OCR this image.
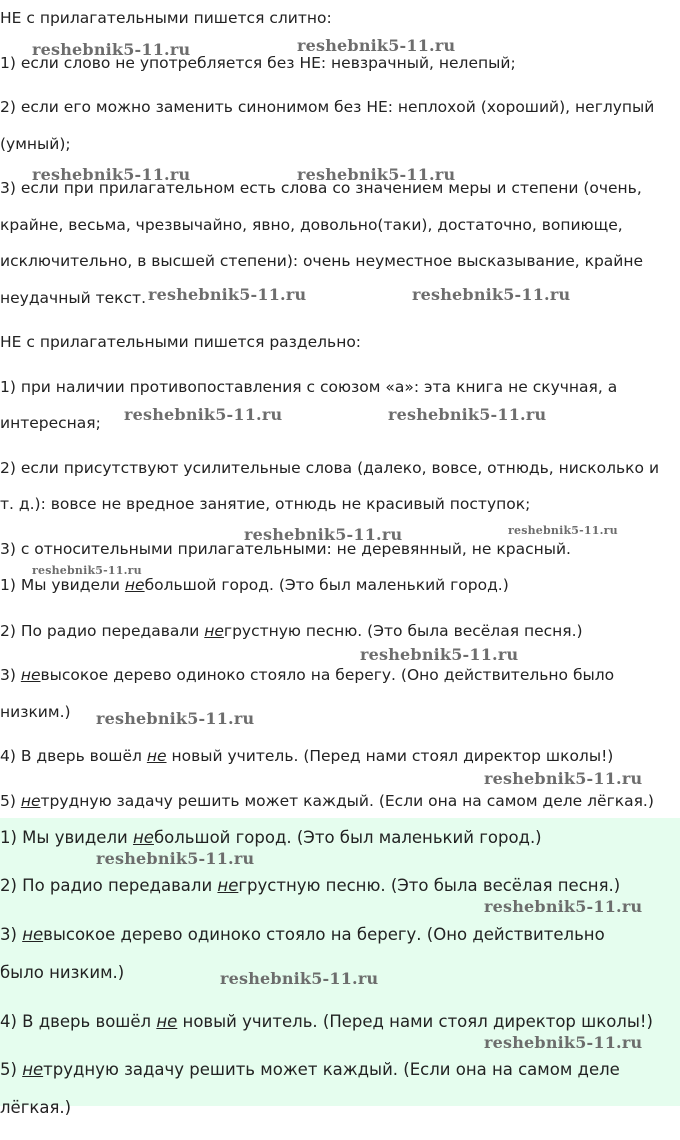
НЕ с прилагательными пишется слитно:
1) если слово не употребляется без НЕ: невзрачный, нелепый;
2) если его можно заменить синонимом без НЕ: неплохой (хороший), неглупый
(умный);
3) если при прилагательном есть слова со значением меры и степени (очень,
крайне, весьма, чрезвычайно, явно, довольно(таки), достаточно, вопиюще,
исключительно, в высшей степени): очень неуместное высказывание, крайне
неудачный текст.
НЕ с прилагательными пишется раздельно:
1) при наличии противопоставления с союзом «а»: эта книга не скучная, а
интересная;
2) если присутствуют усилительные слова (далеко, вовсе, отнюдь, нисколько и
т. д.): вовсе не вредное занятие, отнюдь не красивый поступок;
3) с относительными прилагательными: не деревянный, не красный.
1) Мы увидели небольшой город. (Это был маленький город.)
2) По радио передавали негрустную песню. (Это была весёлая песня.)
3) невысокое дерево одиноко стояло на берегу. (Оно действительно было
низким.)
4) В дверь вошёл не новый учитель. (Перед нами стоял директор школы!)
5) нетрудную задачу решить может каждый. (Если она на самом деле лёгкая.)
1) Мы увидели небольшой город. (Это был маленький город.)
2) По радио передавали негрустную песню. (Это была весёлая песня.)
3) невысокое дерево одиноко стояло на берегу. (Оно действительно
было низким.)
4) В дверь вошёл не новый учитель. (Перед нами стоял директор школы!)
5) нетрудную задачу решить может каждый. (Если она на самом деле
лёгкая.)
reshebnik5-11.ru	reshebnik5-11.ru
reshebnik5-11.ru	reshebnik5-11.ru
reshebnik5-11.ru	reshebnik5-11.ru
reshebnik5-11.ru	reshebnik5-11.ru
reshebnik5-11.ru	reshebnik5-11.ru
reshebnik5-11.ru
reshebnik5-11.ru
reshebnik5-11.ru
reshebnik5-11.ru
reshebnik5-11.ru
reshebnik5-11.ru
reshebnik5-11.ru
reshebnik5-11.ru
